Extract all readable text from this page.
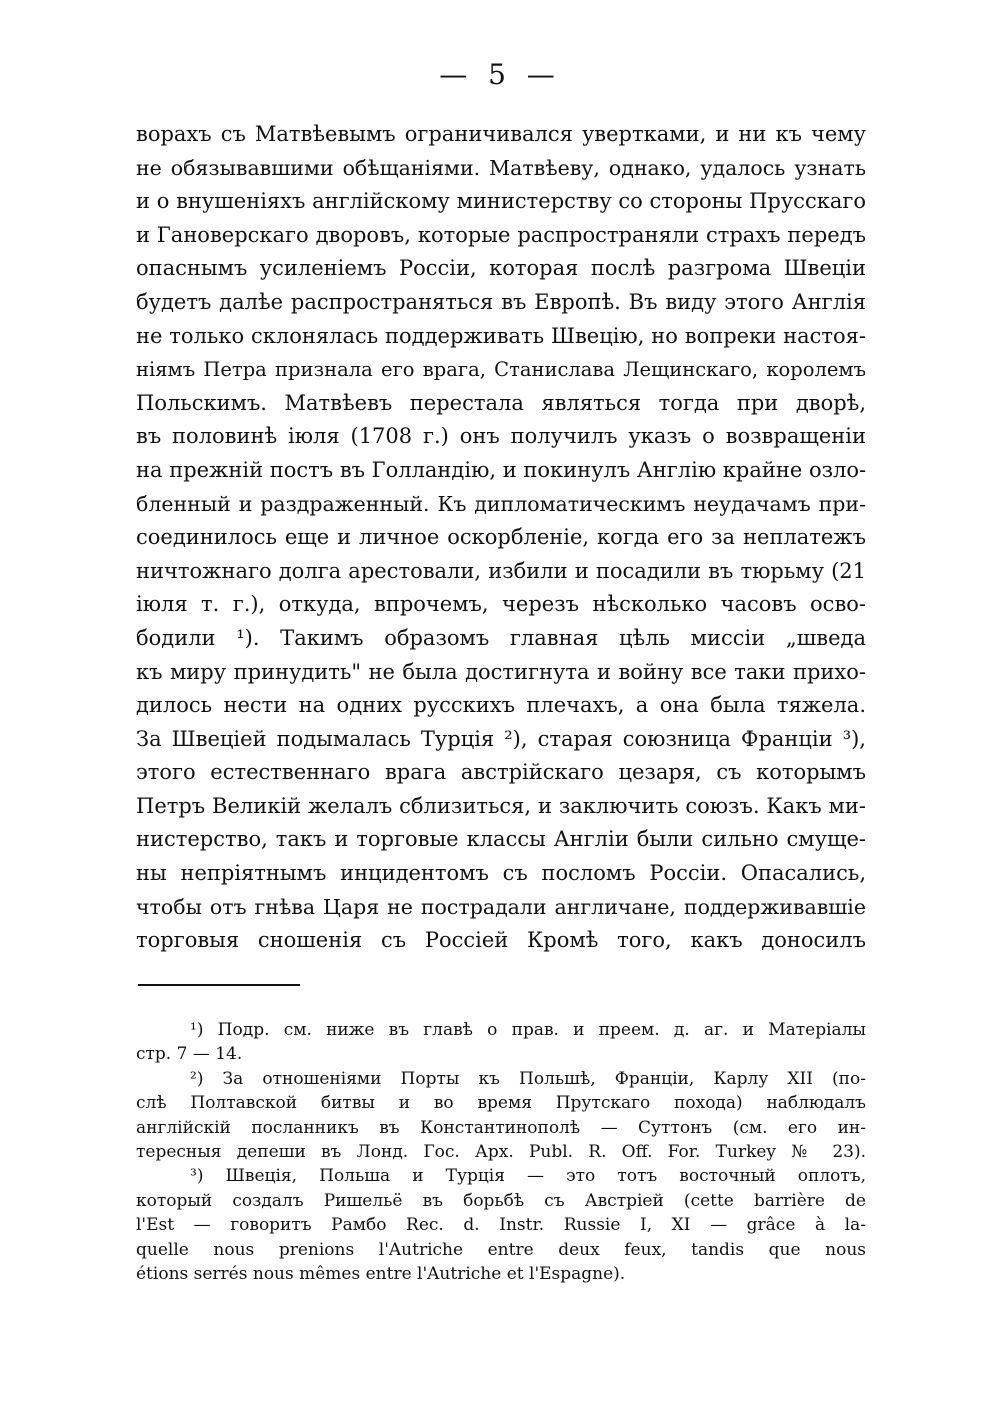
— 5 —
ворахъ съ Матвѣевымъ ограничивался увертками, и ни къ чему
не обязывавшими обѣщаніями. Матвѣеву, однако, удалось узнать
и о внушеніяхъ англійскому министерству со стороны Прусскаго
и Гановерскаго дворовъ, которые распространяли страхъ передъ
опаснымъ усиленіемъ Россіи, которая послѣ разгрома Швеціи
будетъ далѣе распространяться въ Европѣ. Въ виду этого Англія
не только склонялась поддерживать Швецію, но вопреки настоя-
ніямъ Петра признала его врага, Станислава Лещинскаго, королемъ
Польскимъ. Матвѣевъ перестала являться тогда при дворѣ,
въ половинѣ іюля (1708 г.) онъ получилъ указъ о возвращеніи
на прежній постъ въ Голландію, и покинулъ Англію крайне озло-
бленный и раздраженный. Къ дипломатическимъ неудачамъ при-
соединилось еще и личное оскорбленіе, когда его за неплатежъ
ничтожнаго долга арестовали, избили и посадили въ тюрьму (21
іюля т. г.), откуда, впрочемъ, черезъ нѣсколько часовъ осво-
бодили ¹). Такимъ образомъ главная цѣль миссіи „шведа
къ миру принудить" не была достигнута и войну все таки прихо-
дилось нести на одних русскихъ плечахъ, а она была тяжела.
За Швеціей подымалась Турція ²), старая союзница Франціи ³),
этого естественнаго врага австрійскаго цезаря, съ которымъ
Петръ Великій желалъ сблизиться, и заключить союзъ. Какъ ми-
нистерство, такъ и торговые классы Англіи были сильно смуще-
ны непріятнымъ инцидентомъ съ посломъ Россіи. Опасались,
чтобы отъ гнѣва Царя не пострадали англичане, поддерживавшіе
торговыя сношенія съ Россіей Кромѣ того, какъ доносилъ
¹) Подр. см. ниже въ главѣ о прав. и преем. д. аг. и Матеріалы
стр. 7 — 14.
²) За отношеніями Порты къ Польшѣ, Франціи, Карлу XII (по-
слѣ Полтавской битвы и во время Прутскаго похода) наблюдалъ
англійскій посланникъ въ Константинополѣ — Суттонъ (см. его ин-
тересныя депеши въ Лонд. Гос. Арх. Publ. R. Off. For. Turkey № 23).
³) Швеція, Польша и Турція — это тотъ восточный оплотъ,
который создалъ Ришельё въ борьбѣ съ Австріей (cette barrière de
l'Est — говоритъ Рамбо Rec. d. Instr. Russie I, XI — grâce à la-
quelle nous prenions l'Autriche entre deux feux, tandis que nous
étions serrés nous mêmes entre l'Autriche et l'Espagne).
